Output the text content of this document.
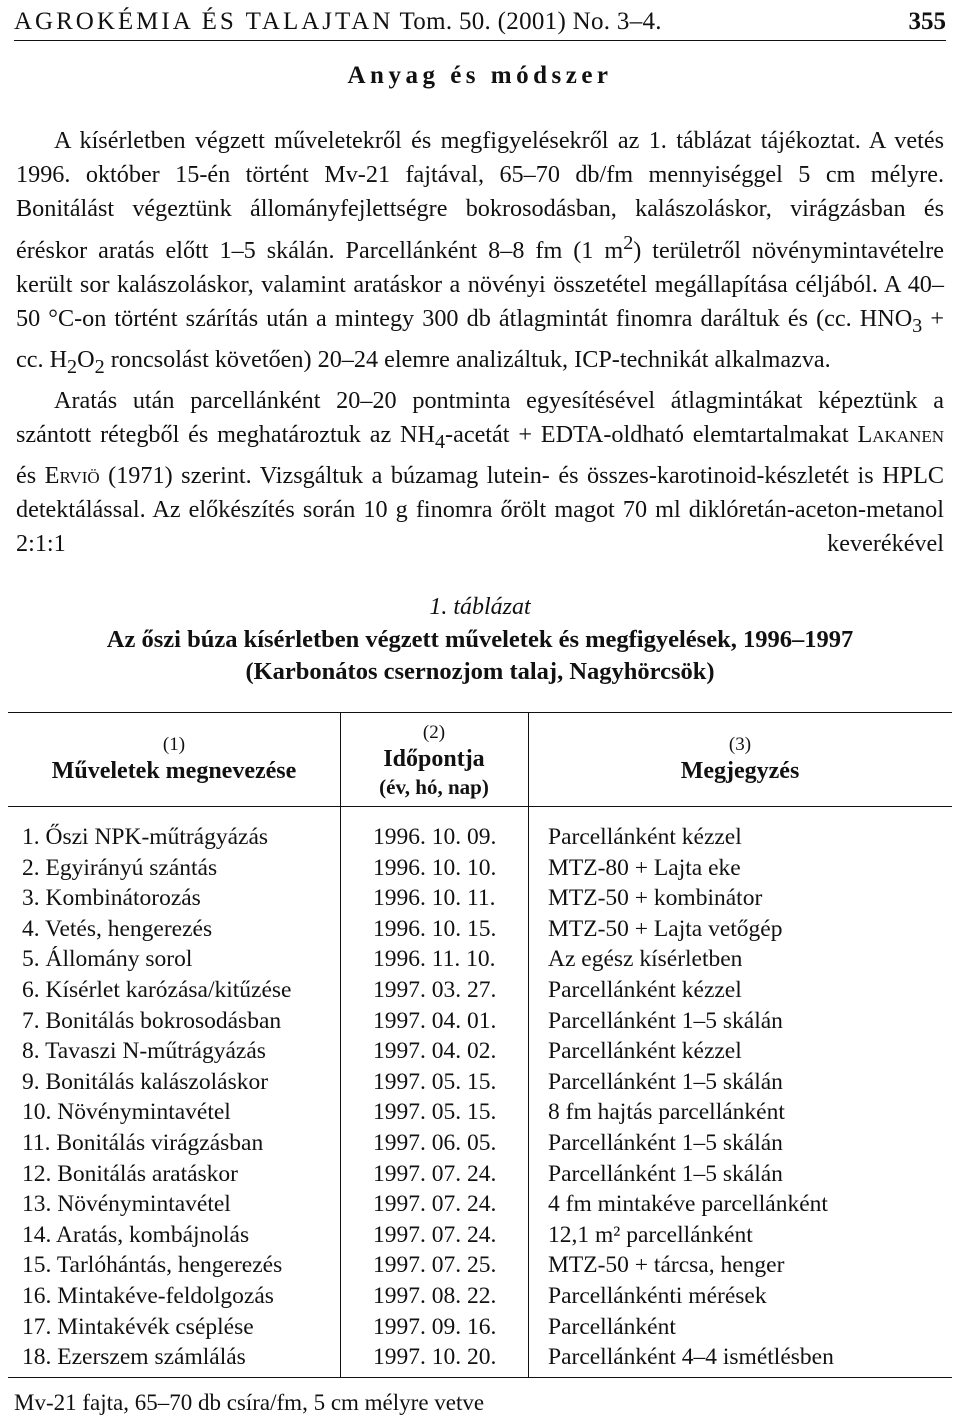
AGROKÉMIA ÉS TALAJTAN Tom. 50. (2001) No. 3–4.	355
Anyag és módszer

A kísérletben végzett műveletekről és megfigyelésekről az 1. táblázat tájékoztat. A vetés 1996. október 15-én történt Mv-21 fajtával, 65–70 db/fm mennyiséggel 5 cm mélyre. Bonitálást végeztünk állományfejlettségre bokrosodásban, kalászoláskor, virágzásban és éréskor aratás előtt 1–5 skálán. Parcellánként 8–8 fm (1 $m^2$) területről növénymintavételre került sor kalászoláskor, valamint aratáskor a növényi összetétel megállapítása céljából. A 40–50 °C-on történt szárítás után a mintegy 300 db átlagmintát finomra daráltuk és (cc. $HNO_3$ + cc. $H_2O_2$ roncsolást követően) 20–24 elemre analizáltuk, ICP-technikát alkalmazva.

Aratás után parcellánként 20–20 pontminta egyesítésével átlagmintákat képeztünk a szántott rétegből és meghatároztuk az $NH_4$-acetát + EDTA-oldható elemtartalmakat Lakanen és Erviö (1971) szerint. Vizsgáltuk a búzamag lutein- és összes-karotinoid-készletét is HPLC detektálással. Az előkészítés során 10 g finomra őrölt magot 70 ml diklóretán-aceton-metanol 2:1:1 keverékével

1. táblázat
Az őszi búza kísérletben végzett műveletek és megfigyelések, 1996–1997
(Karbonátos csernozjom talaj, Nagyhörcsök)
(1)
Műveletek megnevezése
(2)
Időpontja
(év, hó, nap)
(3)
Megjegyzés
1. Őszi NPK-műtrágyázás	1996. 10. 09. Parcellánként kézzel
2. Egyirányú szántás	1996. 10. 10. MTZ-80 + Lajta eke
3. Kombinátorozás	1996. 10. 11. MTZ-50 + kombinátor
4. Vetés, hengerezés	1996. 10. 15. MTZ-50 + Lajta vetőgép
5. Állomány sorol	1996. 11. 10. Az egész kísérletben
6. Kísérlet karózása/kitűzése	1997. 03. 27. Parcellánként kézzel
7. Bonitálás bokrosodásban	1997. 04. 01. Parcellánként 1–5 skálán
8. Tavaszi N-műtrágyázás	1997. 04. 02. Parcellánként kézzel
9. Bonitálás kalászoláskor	1997. 05. 15. Parcellánként 1–5 skálán
10. Növénymintavétel	1997. 05. 15. 8 fm hajtás parcellánként
11. Bonitálás virágzásban	1997. 06. 05. Parcellánként 1–5 skálán
12. Bonitálás aratáskor	1997. 07. 24. Parcellánként 1–5 skálán
13. Növénymintavétel	1997. 07. 24. 4 fm mintakéve parcellánként
14. Aratás, kombájnolás	1997. 07. 24. 12,1 m² parcellánként
15. Tarlóhántás, hengerezés	1997. 07. 25. MTZ-50 + tárcsa, henger
16. Mintakéve-feldolgozás	1997. 08. 22. Parcellánkénti mérések
17. Mintakévék cséplése	1997. 09. 16. Parcellánként
18. Ezerszem számlálás	1997. 10. 20. Parcellánként 4–4 ismétlésben
Mv-21 fajta, 65–70 db csíra/fm, 5 cm mélyre vetve
